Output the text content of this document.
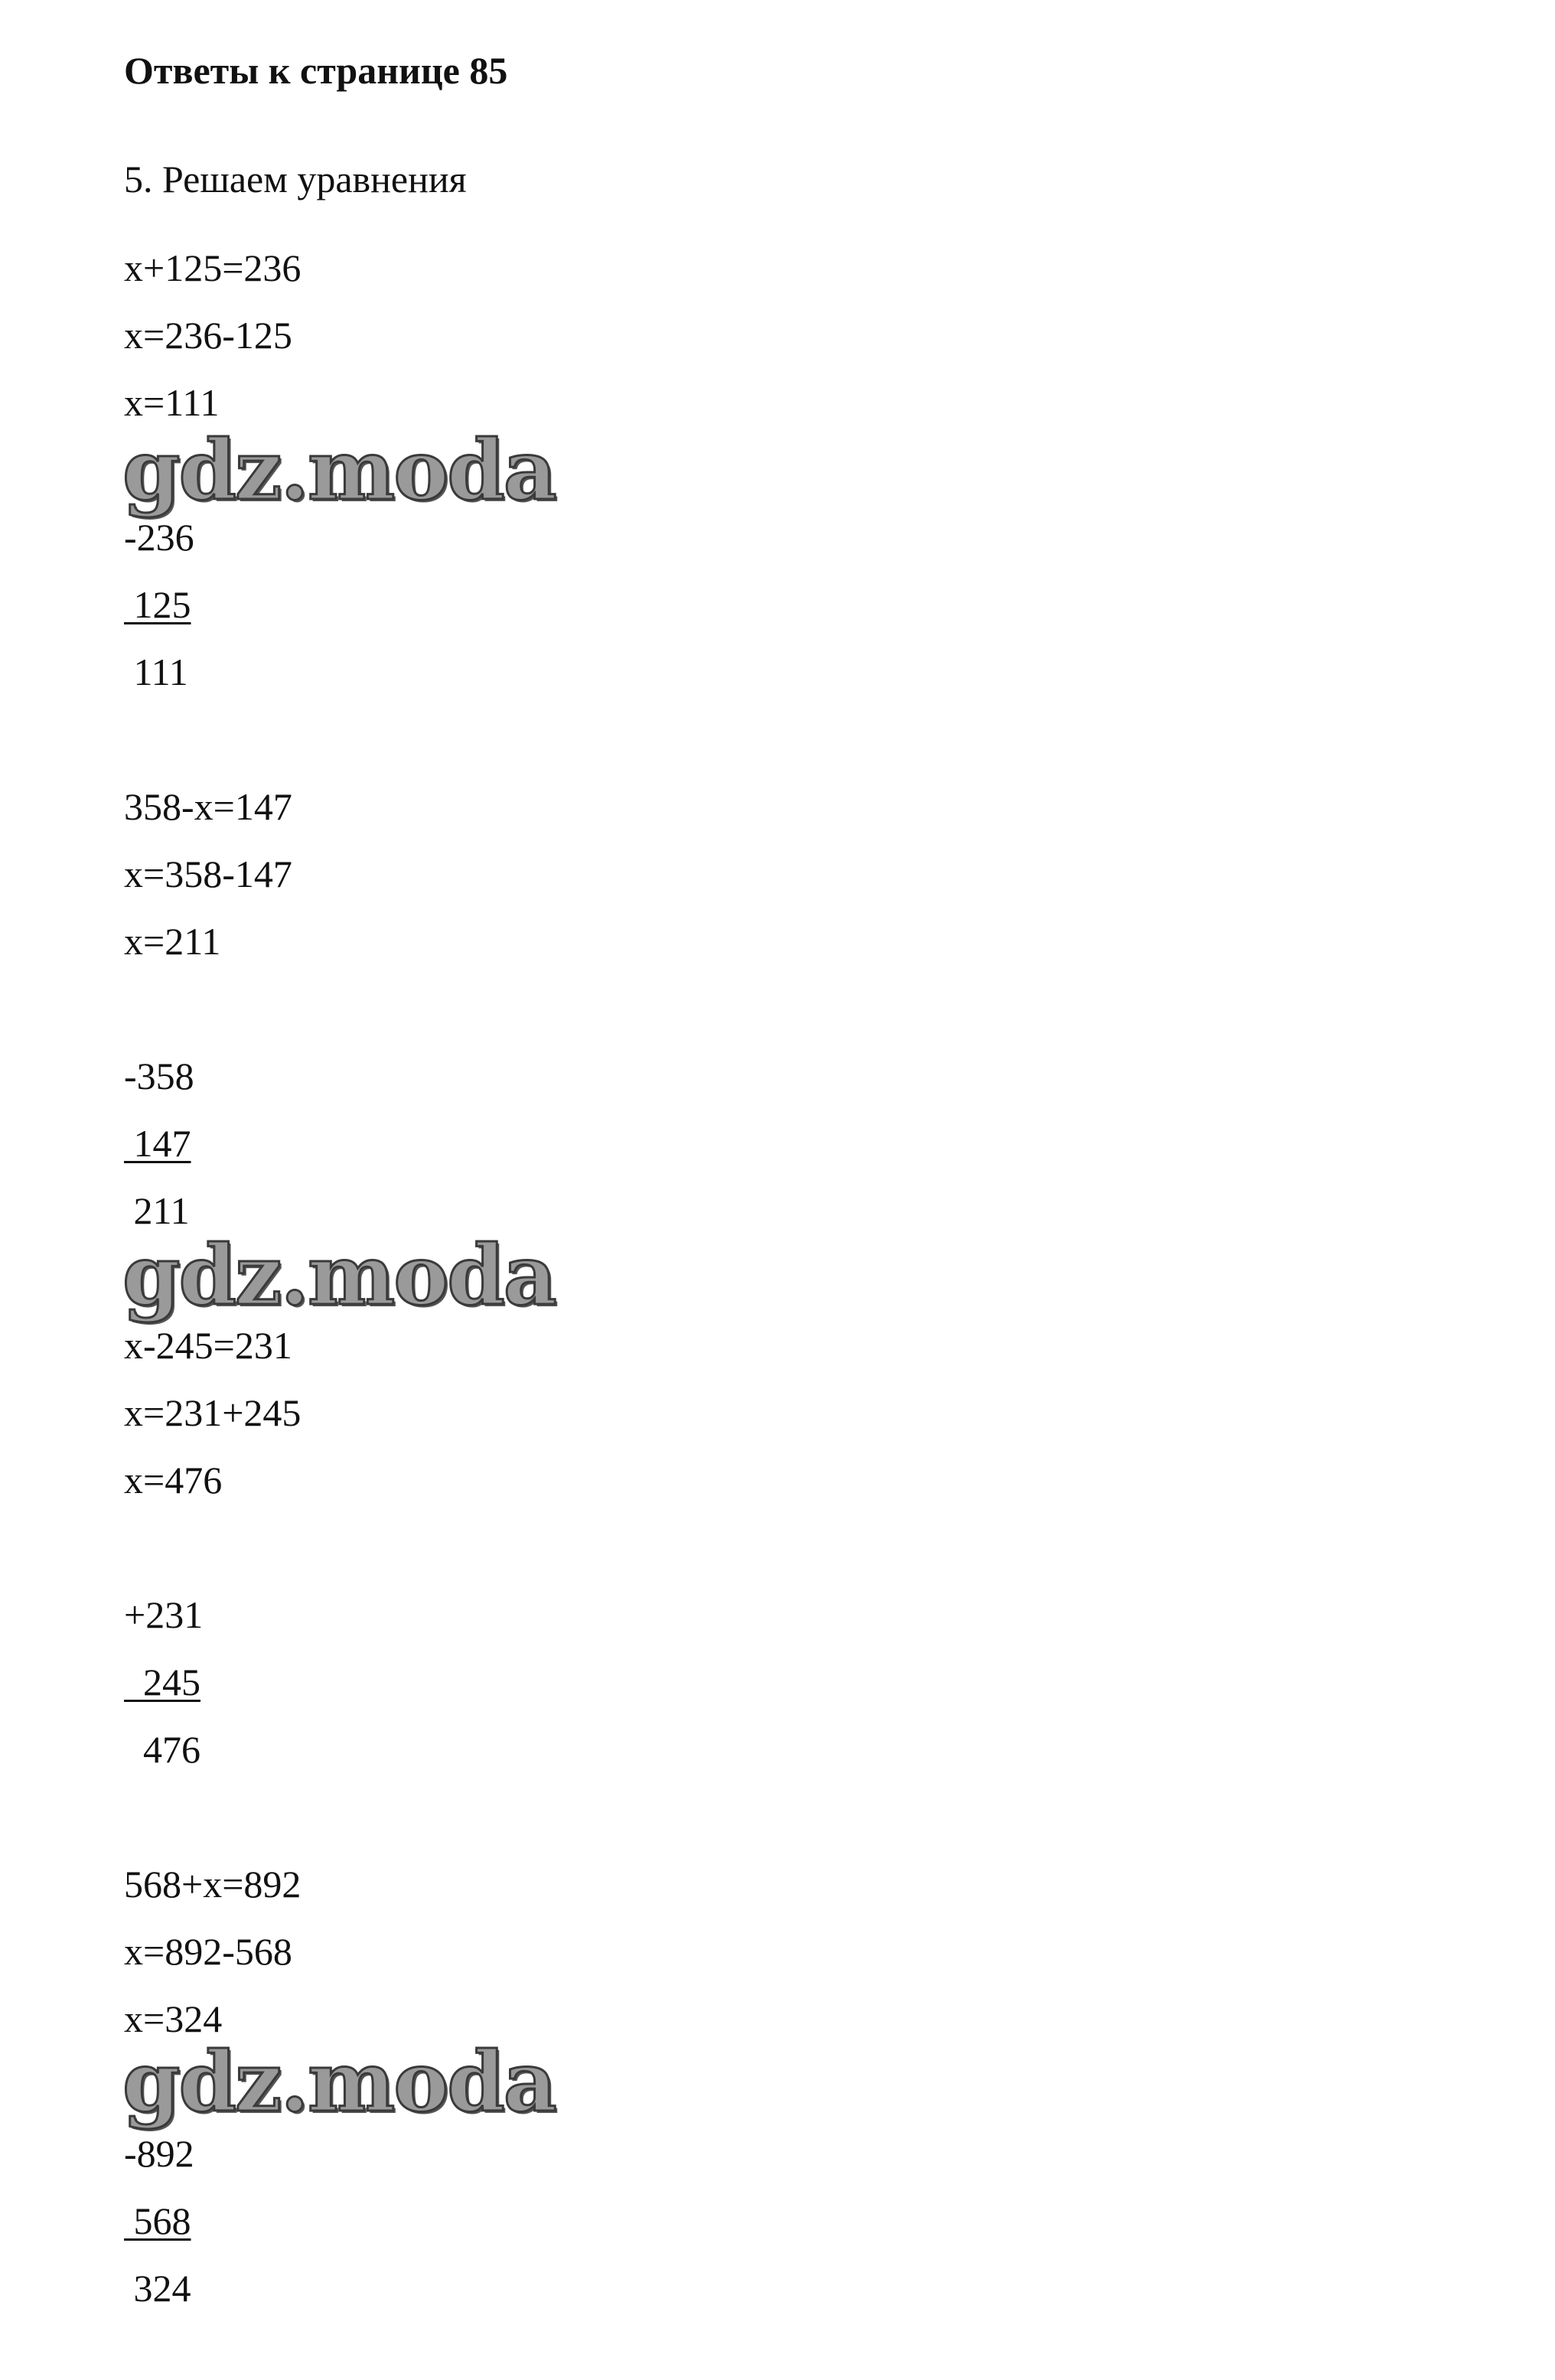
Ответы к странице 85
5. Решаем уравнения
x+125=236
x=236-125
x=111
gdz.moda
-236
125
111
358-x=147
x=358-147
x=211
-358
147
211
gdz.moda
x-245=231
x=231+245
x=476
+231
245
476
568+x=892
x=892-568
x=324
gdz.moda
-892
568
324
